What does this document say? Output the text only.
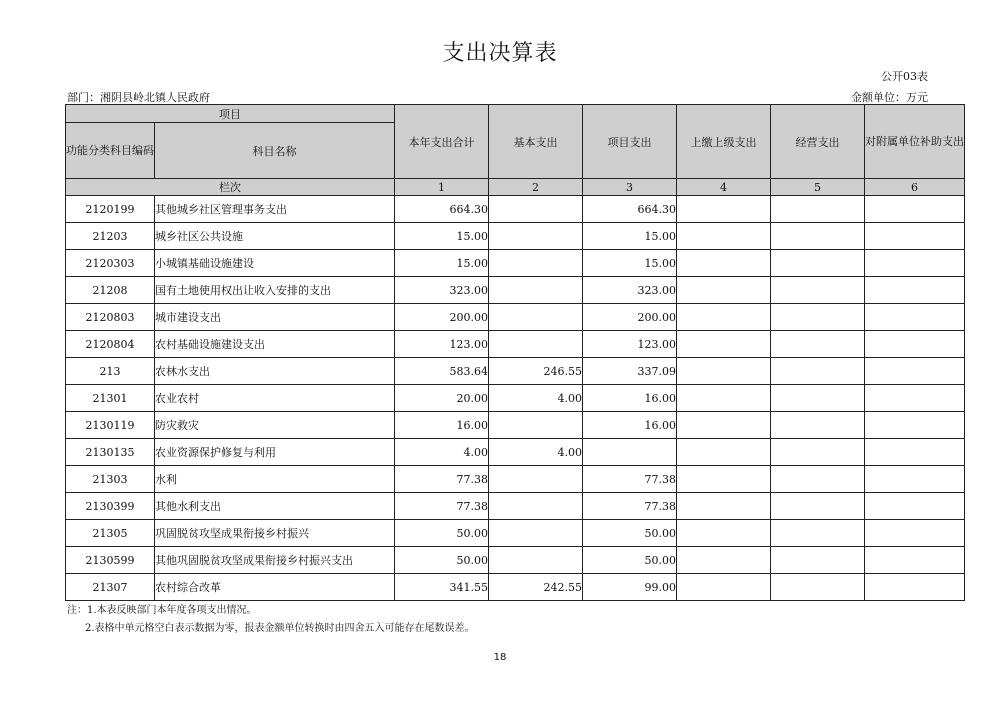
支出决算表
公开03表
部门：湘阴县岭北镇人民政府	金额单位：万元
项目		本年支出合计	基本支出	项目支出	上缴上级支出	经营支出	对附属单位补助支出
功能分类科目编码	科目名称						
栏次		1	2	3	4	5	6
2120199	其他城乡社区管理事务支出	664.30		664.30			
21203	城乡社区公共设施	15.00		15.00			
2120303	小城镇基础设施建设	15.00		15.00			
21208	国有土地使用权出让收入安排的支出	323.00		323.00			
2120803	城市建设支出	200.00		200.00			
2120804	农村基础设施建设支出	123.00		123.00			
213	农林水支出	583.64	246.55	337.09			
21301	农业农村	20.00	4.00	16.00			
2130119	防灾救灾	16.00		16.00			
2130135	农业资源保护修复与利用	4.00	4.00				
21303	水利	77.38		77.38			
2130399	其他水利支出	77.38		77.38			
21305	巩固脱贫攻坚成果衔接乡村振兴	50.00		50.00			
2130599	其他巩固脱贫攻坚成果衔接乡村振兴支出	50.00		50.00			
21307	农村综合改革	341.55	242.55	99.00			
注：1.本表反映部门本年度各项支出情况。
2.表格中单元格空白表示数据为零，报表金额单位转换时由四舍五入可能存在尾数误差。
18
